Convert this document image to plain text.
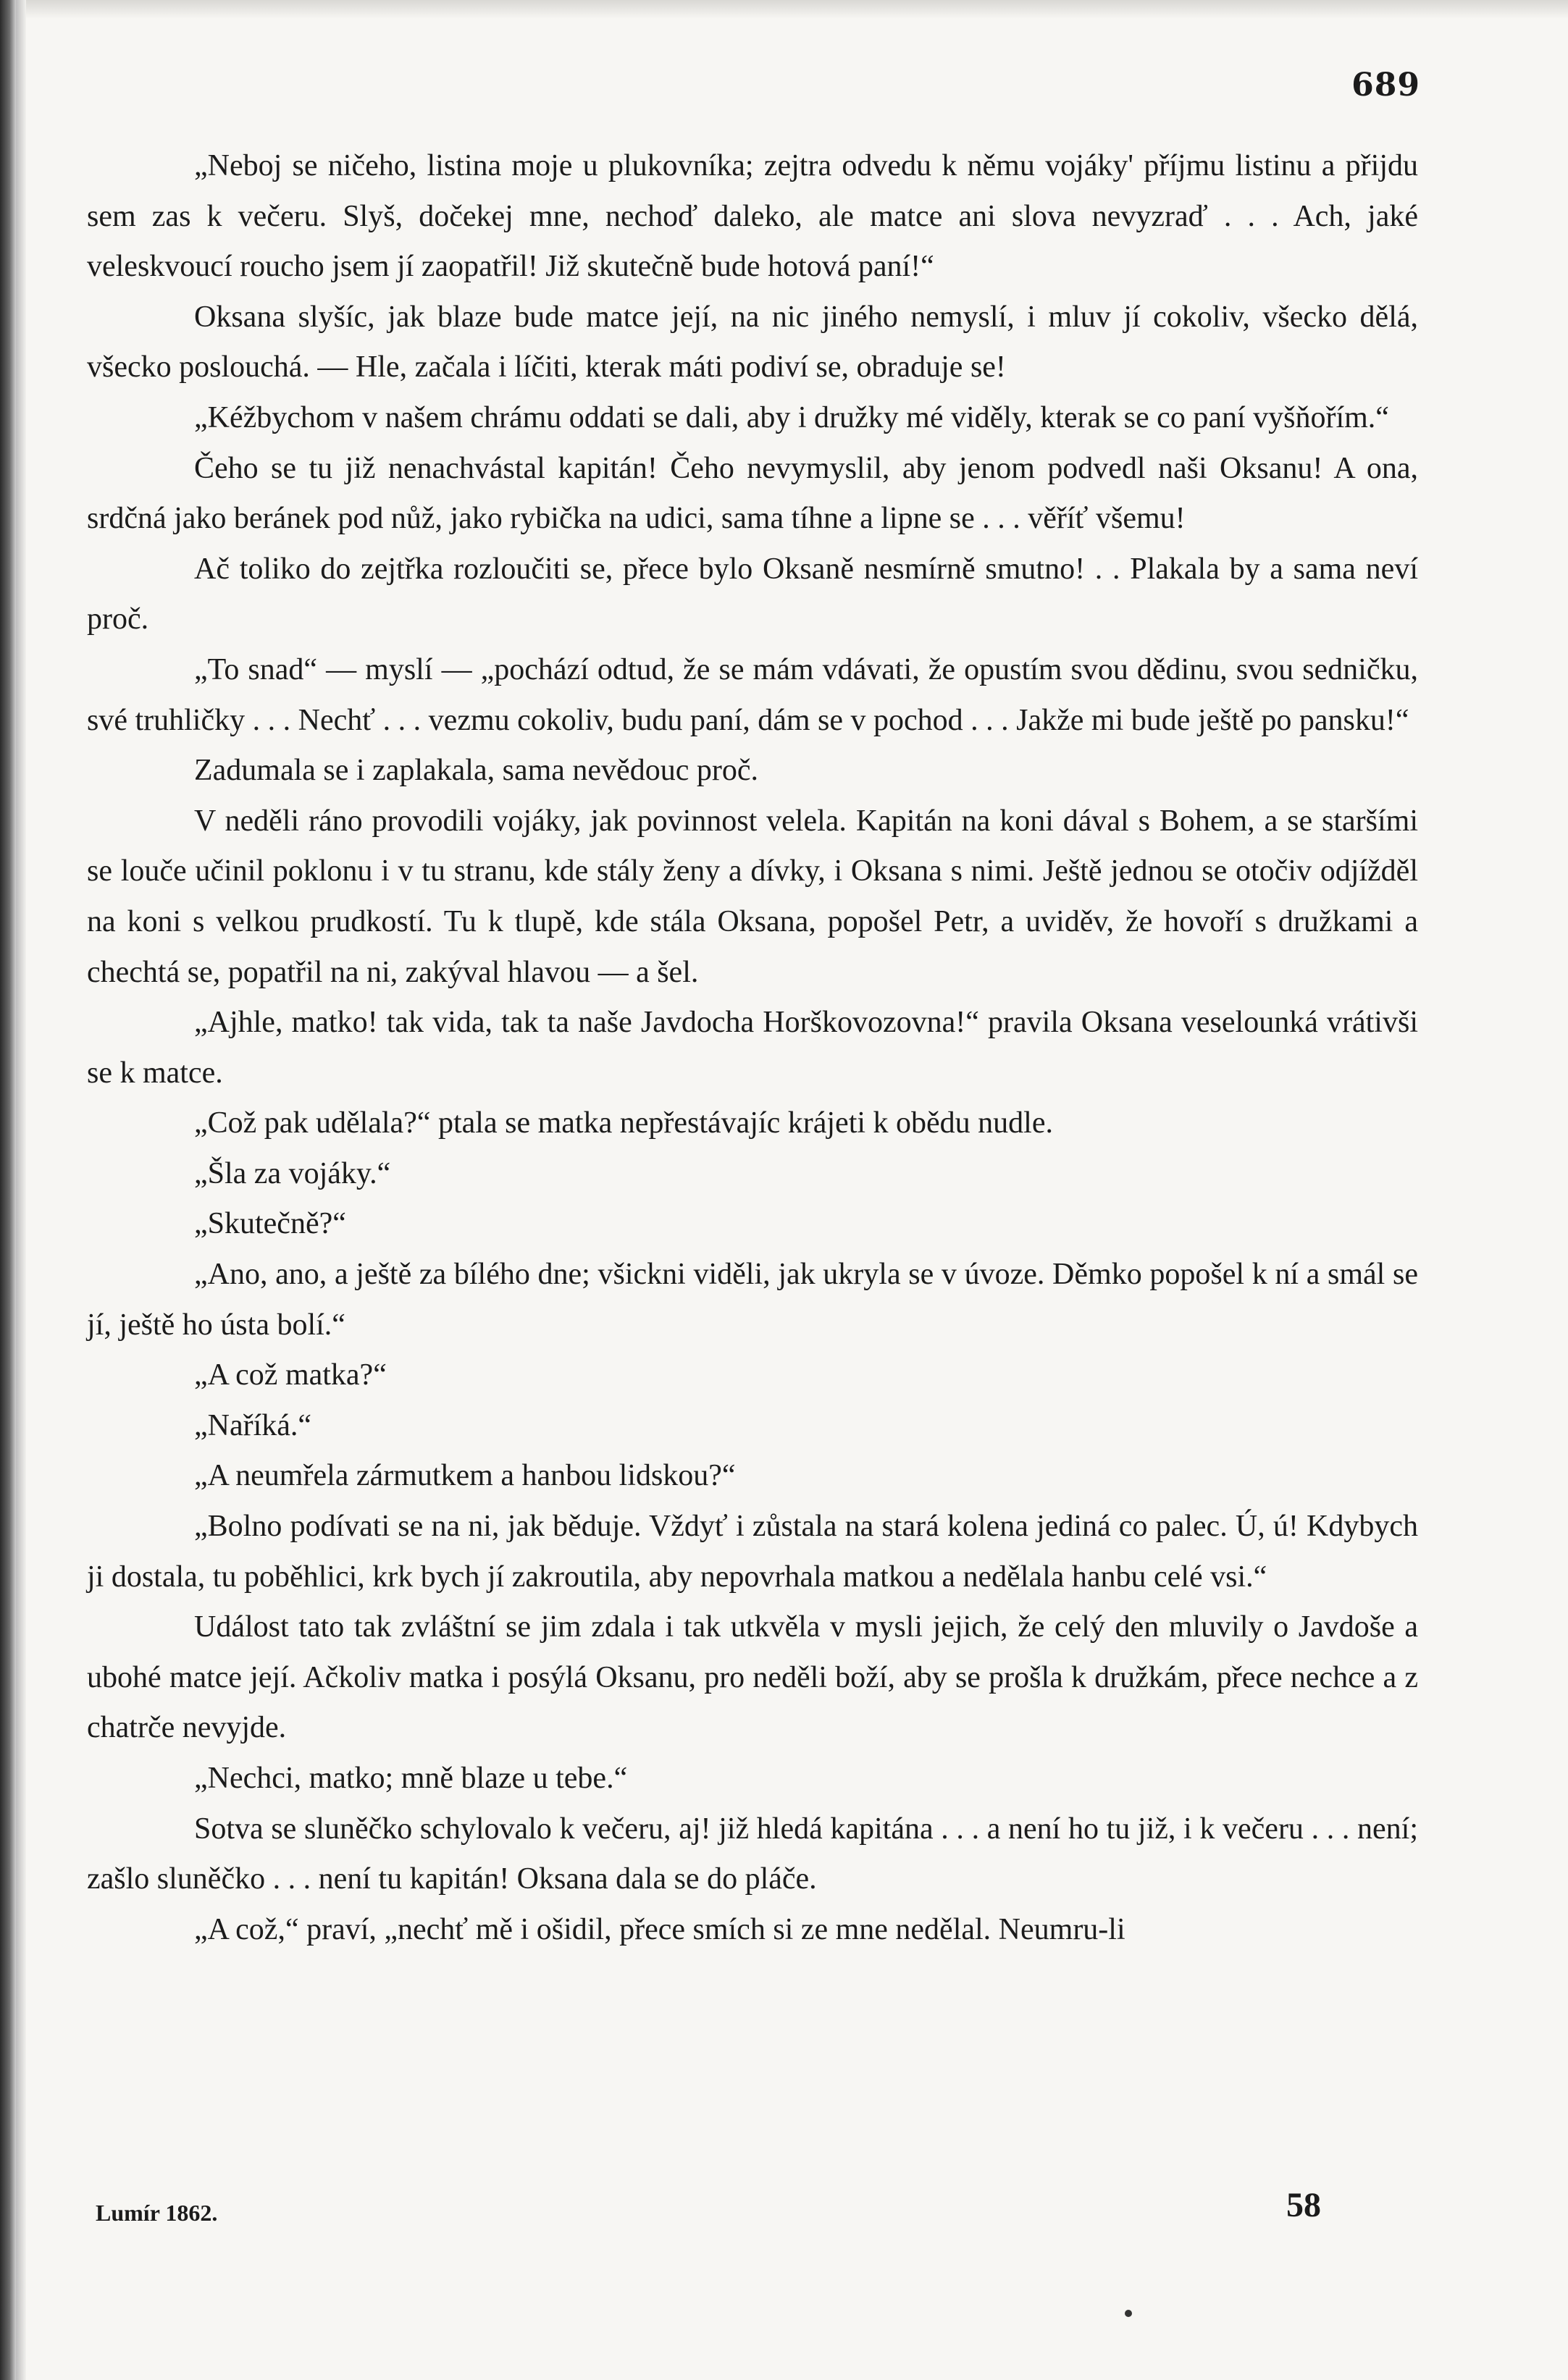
689

„Neboj se ničeho, listina moje u plukovníka; zejtra odvedu k němu vojáky' příjmu listinu a přijdu sem zas k večeru. Slyš, dočekej mne, nechoď daleko, ale matce ani slova nevyzraď . . . Ach, jaké veleskvoucí roucho jsem jí zaopatřil! Již skutečně bude hotová paní!“

Oksana slyšíc, jak blaze bude matce její, na nic jiného nemyslí, i mluv jí cokoliv, všecko dělá, všecko poslouchá. — Hle, začala i líčiti, kterak máti podiví se, obraduje se!

„Kéžbychom v našem chrámu oddati se dali, aby i družky mé viděly, kterak se co paní vyšňořím.“

Čeho se tu již nenachvástal kapitán! Čeho nevymyslil, aby jenom podvedl naši Oksanu! A ona, srdčná jako beránek pod nůž, jako rybička na udici, sama tíhne a lipne se . . . věříť všemu!

Ač toliko do zejtřka rozloučiti se, přece bylo Oksaně nesmírně smutno! . . Plakala by a sama neví proč.

„To snad“ — myslí — „pochází odtud, že se mám vdávati, že opustím svou dědinu, svou sedničku, své truhličky . . . Nechť . . . vezmu cokoliv, budu paní, dám se v pochod . . . Jakže mi bude ještě po pansku!“

Zadumala se i zaplakala, sama nevědouc proč.

V neděli ráno provodili vojáky, jak povinnost velela. Kapitán na koni dával s Bohem, a se staršími se louče učinil poklonu i v tu stranu, kde stály ženy a dívky, i Oksana s nimi. Ještě jednou se otočiv odjížděl na koni s velkou prudkostí. Tu k tlupě, kde stála Oksana, popošel Petr, a uviděv, že hovoří s družkami a chechtá se, popatřil na ni, zakýval hlavou — a šel.

„Ajhle, matko! tak vida, tak ta naše Javdocha Horškovozovna!“ pravila Oksana veselounká vrátivši se k matce.

„Což pak udělala?“ ptala se matka nepřestávajíc krájeti k obědu nudle.

„Šla za vojáky.“

„Skutečně?“

„Ano, ano, a ještě za bílého dne; všickni viděli, jak ukryla se v úvoze. Děmko popošel k ní a smál se jí, ještě ho ústa bolí.“

„A což matka?“

„Naříká.“

„A neumřela zármutkem a hanbou lidskou?“

„Bolno podívati se na ni, jak běduje. Vždyť i zůstala na stará kolena jediná co palec. Ú, ú! Kdybych ji dostala, tu poběhlici, krk bych jí zakroutila, aby nepovrhala matkou a nedělala hanbu celé vsi.“

Událost tato tak zvláštní se jim zdala i tak utkvěla v mysli jejich, že celý den mluvily o Javdoše a ubohé matce její. Ačkoliv matka i posýlá Oksanu, pro neděli boží, aby se prošla k družkám, přece nechce a z chatrče nevyjde.

„Nechci, matko; mně blaze u tebe.“

Sotva se sluněčko schylovalo k večeru, aj! již hledá kapitána . . . a není ho tu již, i k večeru . . . není; zašlo sluněčko . . . není tu kapitán! Oksana dala se do pláče.

„A což,“ praví, „nechť mě i ošidil, přece smích si ze mne nedělal. Neumru-li

Lumír 1862.	58
